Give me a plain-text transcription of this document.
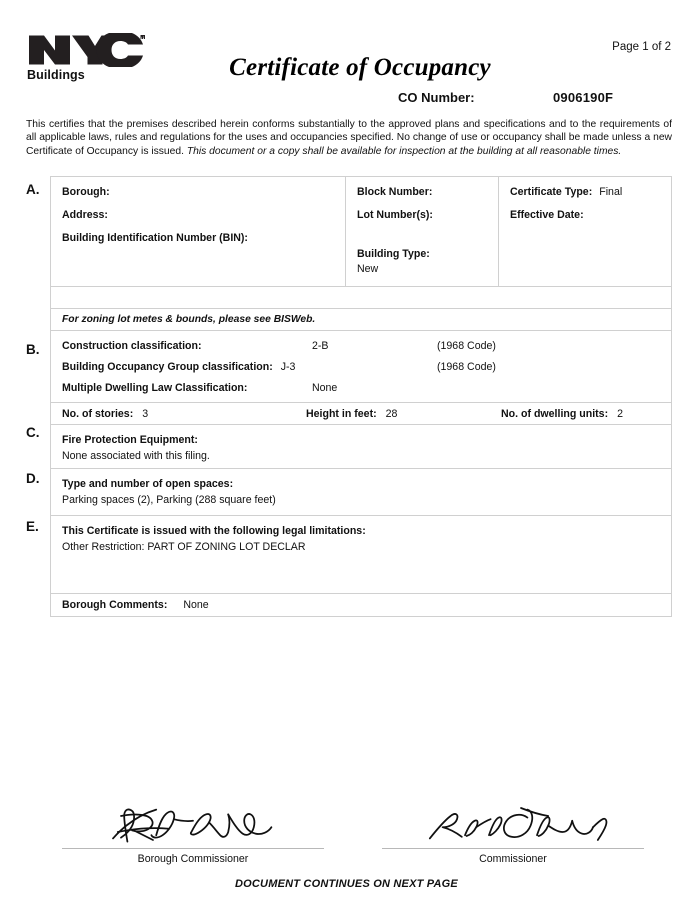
Buildings	Certificate of Occupancy
Page 1 of 2
CO Number:	0906190F
This certifies that the premises described herein conforms substantially to the approved plans and specifications and to the requirements of all applicable laws, rules and regulations for the uses and occupancies specified. No change of use or occupancy shall be made unless a new Certificate of Occupancy is issued. This document or a copy shall be available for inspection at the building at all reasonable times.
A.
B.
C.
D.
E.
Borough:
Address:
Building Identification Number (BIN):
Block Number:
Lot Number(s):
Building Type:
New
Certificate Type: Final
Effective Date:
For zoning lot metes & bounds, please see BISWeb.
Construction classification:	2-B	(1968 Code)
Building Occupancy Group classification: J-3	(1968 Code)
Multiple Dwelling Law Classification:	None
No. of stories: 3	Height in feet: 28	No. of dwelling units: 2
Fire Protection Equipment:
None associated with this filing.
Type and number of open spaces:
Parking spaces (2), Parking (288 square feet)
This Certificate is issued with the following legal limitations:
Other Restriction: PART OF ZONING LOT DECLAR
Borough Comments: None
Borough Commissioner	Commissioner
DOCUMENT CONTINUES ON NEXT PAGE
